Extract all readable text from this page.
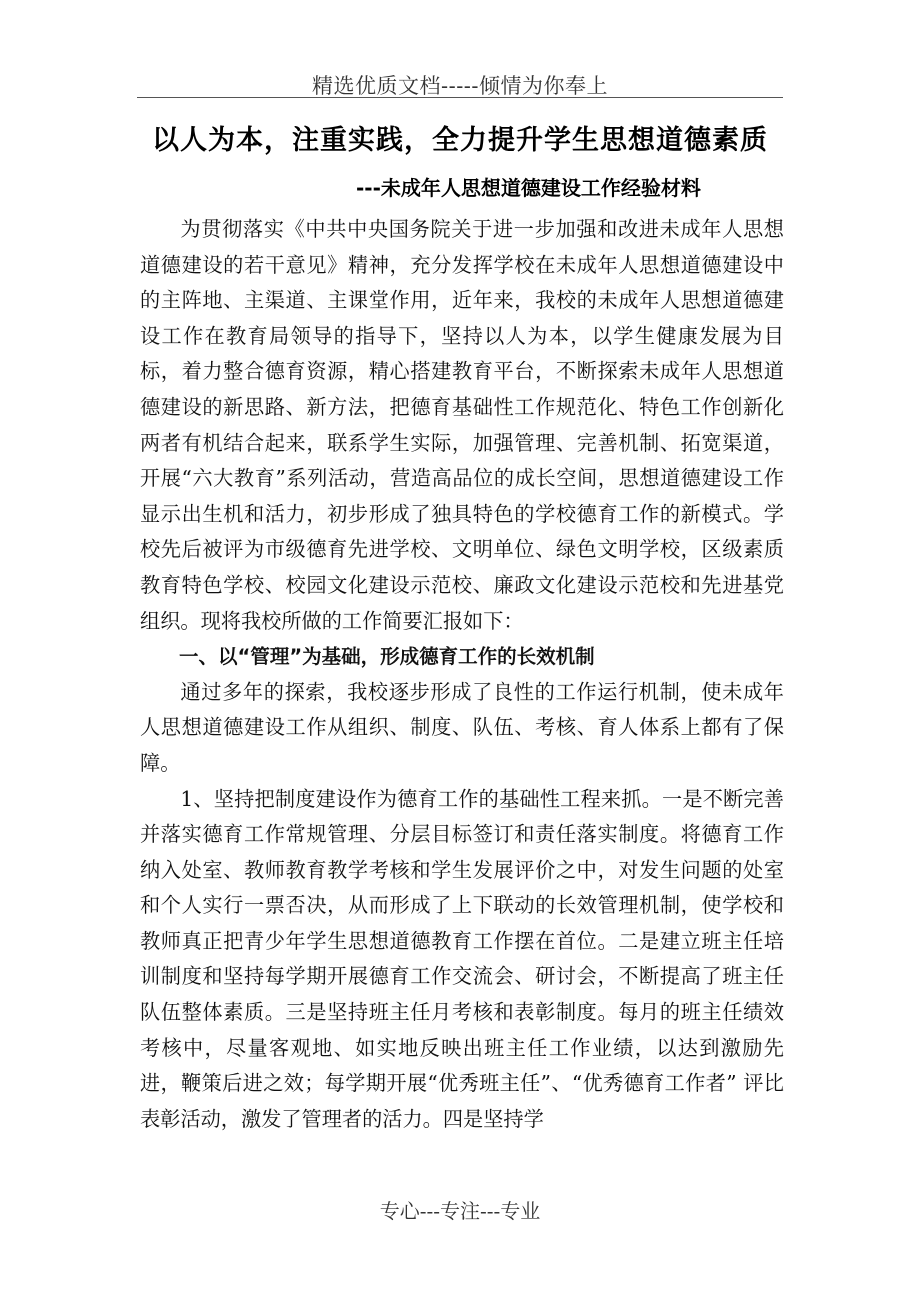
精选优质文档-----倾情为你奉上
以人为本，注重实践，全力提升学生思想道德素质
---未成年人思想道德建设工作经验材料

为贯彻落实《中共中央国务院关于进一步加强和改进未成年人思想道德建设的若干意见》精神，充分发挥学校在未成年人思想道德建设中的主阵地、主渠道、主课堂作用，近年来，我校的未成年人思想道德建设工作在教育局领导的指导下，坚持以人为本，以学生健康发展为目标，着力整合德育资源，精心搭建教育平台，不断探索未成年人思想道德建设的新思路、新方法，把德育基础性工作规范化、特色工作创新化两者有机结合起来，联系学生实际，加强管理、完善机制、拓宽渠道，开展“六大教育”系列活动，营造高品位的成长空间，思想道德建设工作显示出生机和活力，初步形成了独具特色的学校德育工作的新模式。学校先后被评为市级德育先进学校、文明单位、绿色文明学校，区级素质教育特色学校、校园文化建设示范校、廉政文化建设示范校和先进基党组织。现将我校所做的工作简要汇报如下：

一、以“管理”为基础，形成德育工作的长效机制

通过多年的探索，我校逐步形成了良性的工作运行机制，使未成年人思想道德建设工作从组织、制度、队伍、考核、育人体系上都有了保障。

1、坚持把制度建设作为德育工作的基础性工程来抓。一是不断完善并落实德育工作常规管理、分层目标签订和责任落实制度。将德育工作纳入处室、教师教育教学考核和学生发展评价之中，对发生问题的处室和个人实行一票否决，从而形成了上下联动的长效管理机制，使学校和教师真正把青少年学生思想道德教育工作摆在首位。二是建立班主任培训制度和坚持每学期开展德育工作交流会、研讨会，不断提高了班主任队伍整体素质。三是坚持班主任月考核和表彰制度。每月的班主任绩效考核中，尽量客观地、如实地反映出班主任工作业绩，以达到激励先进，鞭策后进之效；每学期开展“优秀班主任”、“优秀德育工作者” 评比表彰活动，激发了管理者的活力。四是坚持学

专心---专注---专业
